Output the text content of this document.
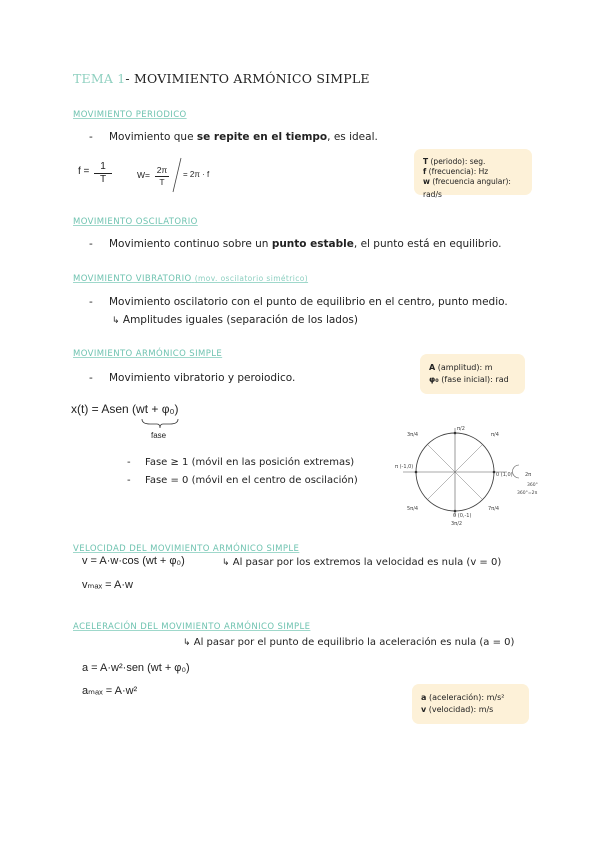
TEMA 1- MOVIMIENTO ARMÓNICO SIMPLE
MOVIMIENTO PERIODICO
- Movimiento que se repite en el tiempo, es ideal.
$f = \frac{1}{T}$	$W= \frac{2\pi}{T} = 2\pi \cdot f$
T (periodo): seg.
f (frecuencia): Hz
w (frecuencia angular): rad/s
MOVIMIENTO OSCILATORIO
- Movimiento continuo sobre un punto estable, el punto está en equilibrio.
MOVIMIENTO VIBRATORIO (mov. oscilatorio simétrico)
- Movimiento oscilatorio con el punto de equilibrio en el centro, punto medio.
↳ Amplitudes iguales (separación de los lados)
MOVIMIENTO ARMÓNICO SIMPLE
- Movimiento vibratorio y peroiodico.
A (amplitud): m
φ₀ (fase inicial): rad
x(t) = Asen (wt + φ₀)
fase
- Fase ≥ 1 (móvil en las posición extremas)
- Fase = 0 (móvil en el centro de oscilación)
π/2
3π/4	π/4
π (-1,0)
0 (1,0) 2π
360°
360°=2π
5π/4	7π/4
0 (0,-1)
3π/2
VELOCIDAD DEL MOVIMIENTO ARMÓNICO SIMPLE
v = A·w·cos (wt + φ₀)
vₘₐₓ = A·w
↳ Al pasar por los extremos la velocidad es nula (v = 0)
ACELERACIÓN DEL MOVIMIENTO ARMÓNICO SIMPLE
↳ Al pasar por el punto de equilibrio la aceleración es nula (a = 0)
a = A·w²·sen (wt + φ₀)
aₘₐₓ = A·w²
a (aceleración): m/s²
v (velocidad): m/s
